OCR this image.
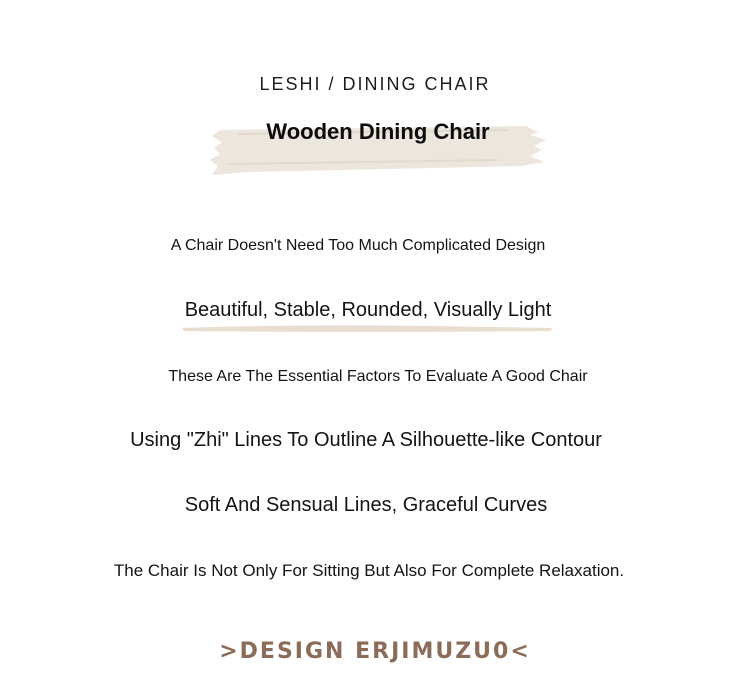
LESHI / DINING CHAIR
Wooden Dining Chair
A Chair Doesn't Need Too Much Complicated Design
Beautiful, Stable, Rounded, Visually Light
These Are The Essential Factors To Evaluate A Good Chair
Using "Zhi" Lines To Outline A Silhouette-like Contour
Soft And Sensual Lines, Graceful Curves
The Chair Is Not Only For Sitting But Also For Complete Relaxation.
>DESIGN ERJIMUZU0<
